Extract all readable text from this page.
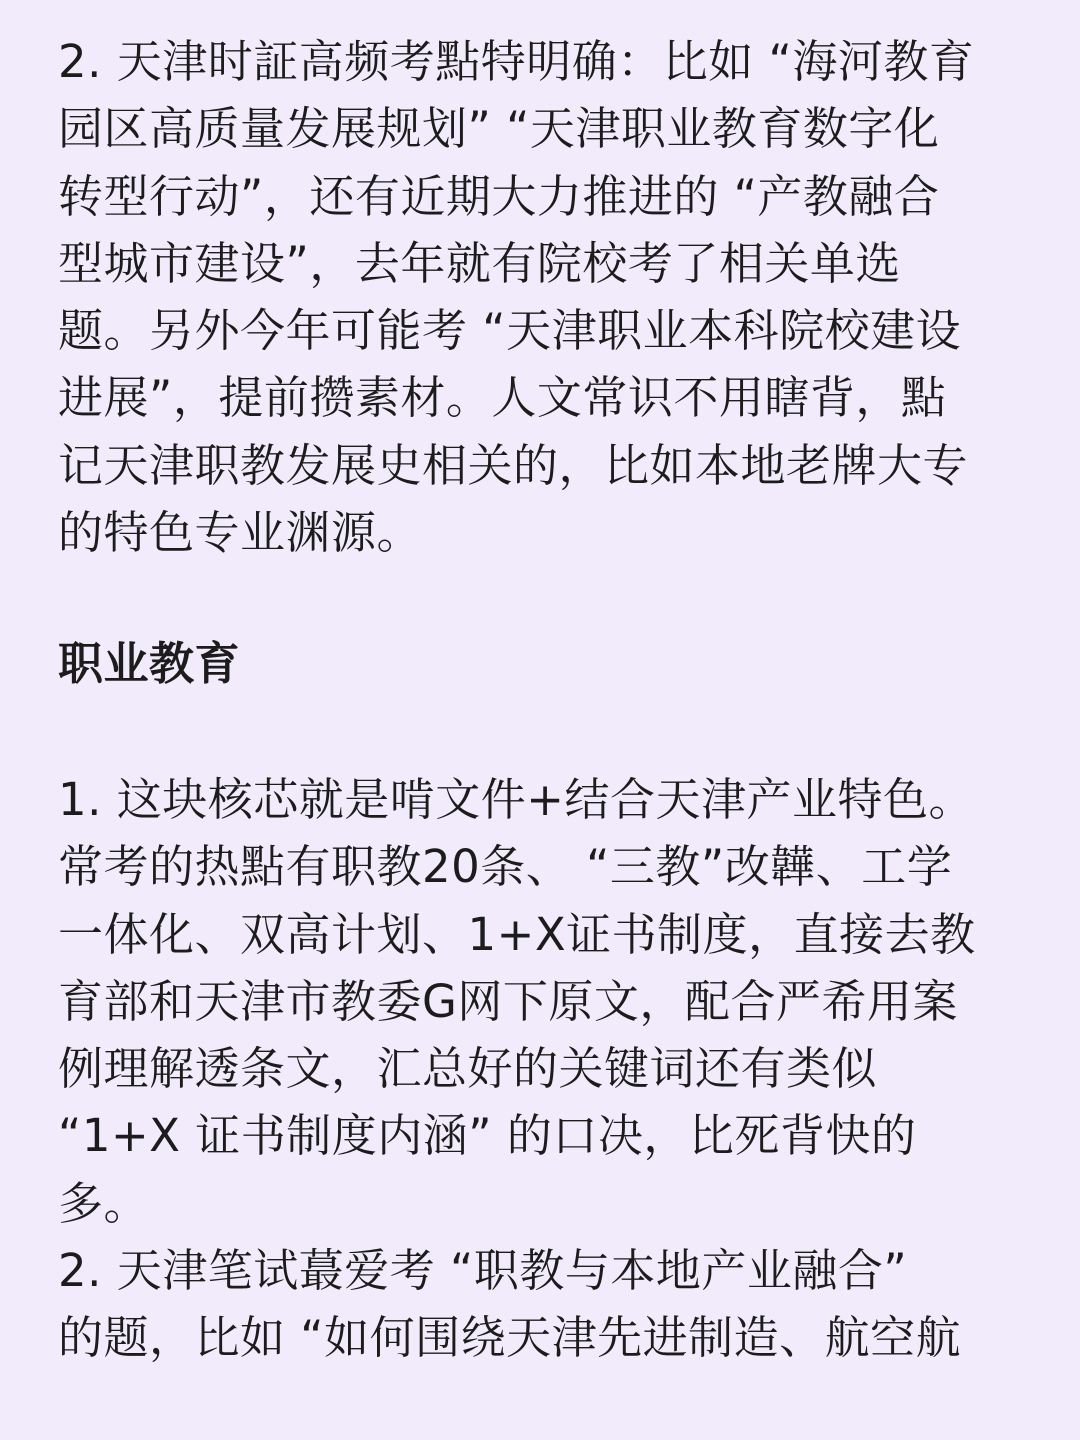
2. 天津时証高频考點特明确：比如 “海河教育
园区高质量发展规划” “天津职业教育数字化
转型行动”，还有近期大力推进的 “产教融合
型城市建设”，去年就有院校考了相关单选
题。另外今年可能考 “天津职业本科院校建设
进展”，提前攒素材。人文常识不用瞎背，點
记天津职教发展史相关的，比如本地老牌大专
的特色专业渊源。
职业教育
1. 这块核芯就是啃文件+结合天津产业特色。
常考的热點有职教20条、 “三教”改韡、工学
一体化、双高计划、1+X证书制度，直接去教
育部和天津市教委G网下原文，配合严希用案
例理解透条文，汇总好的关键词还有类似
“1+X 证书制度内涵” 的口决，比死背快的
多。
2. 天津笔试蕞爱考 “职教与本地产业融合”
的题，比如 “如何围绕天津先进制造、航空航
